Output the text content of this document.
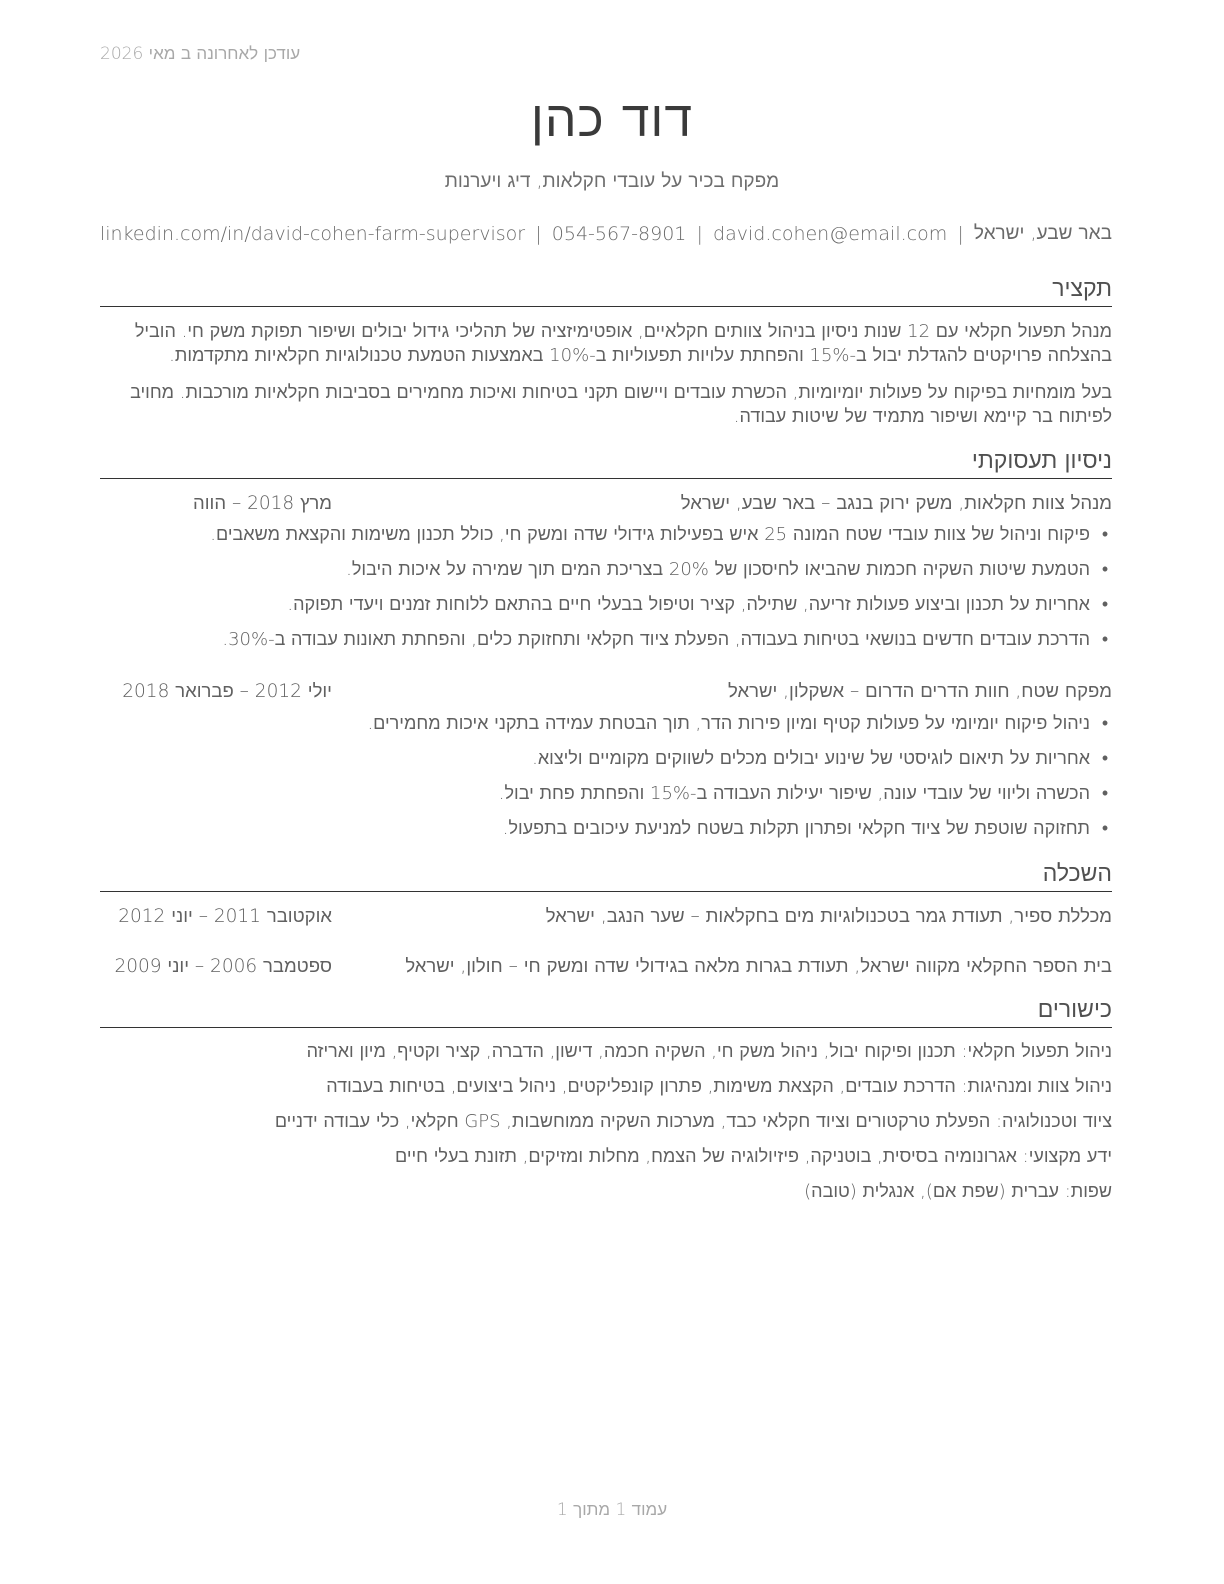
עודכן לאחרונה ב מאי 2026
דוד כהן
מפקח בכיר על עובדי חקלאות, דיג ויערנות
באר שבע, ישראל
|
david.cohen@email.com
|
054-567-8901
|
linkedin.com/in/david-cohen-farm-supervisor
תקציר

מנהל תפעול חקלאי עם 12 שנות ניסיון בניהול צוותים חקלאיים, אופטימיזציה של תהליכי גידול יבולים ושיפור תפוקת משק חי. הוביל בהצלחה פרויקטים להגדלת יבול ב-15% והפחתת עלויות תפעוליות ב-10% באמצעות הטמעת טכנולוגיות חקלאיות מתקדמות.

בעל מומחיות בפיקוח על פעולות יומיומיות, הכשרת עובדים ויישום תקני בטיחות ואיכות מחמירים בסביבות חקלאיות מורכבות. מחויב לפיתוח בר קיימא ושיפור מתמיד של שיטות עבודה.

ניסיון תעסוקתי
מנהל צוות חקלאות, משק ירוק בנגב – באר שבע, ישראל
מרץ 2018 – הווה
•פיקוח וניהול של צוות עובדי שטח המונה 25 איש בפעילות גידולי שדה ומשק חי, כולל תכנון משימות והקצאת משאבים.
•הטמעת שיטות השקיה חכמות שהביאו לחיסכון של 20% בצריכת המים תוך שמירה על איכות היבול.
•אחריות על תכנון וביצוע פעולות זריעה, שתילה, קציר וטיפול בבעלי חיים בהתאם ללוחות זמנים ויעדי תפוקה.
•הדרכת עובדים חדשים בנושאי בטיחות בעבודה, הפעלת ציוד חקלאי ותחזוקת כלים, והפחתת תאונות עבודה ב-30%.
מפקח שטח, חוות הדרים הדרום – אשקלון, ישראל
יולי 2012 – פברואר 2018
•ניהול פיקוח יומיומי על פעולות קטיף ומיון פירות הדר, תוך הבטחת עמידה בתקני איכות מחמירים.
•אחריות על תיאום לוגיסטי של שינוע יבולים מכלים לשווקים מקומיים וליצוא.
•הכשרה וליווי של עובדי עונה, שיפור יעילות העבודה ב-15% והפחתת פחת יבול.
•תחזוקה שוטפת של ציוד חקלאי ופתרון תקלות בשטח למניעת עיכובים בתפעול.
השכלה
מכללת ספיר, תעודת גמר בטכנולוגיות מים בחקלאות – שער הנגב, ישראל
אוקטובר 2011 – יוני 2012
בית הספר החקלאי מקווה ישראל, תעודת בגרות מלאה בגידולי שדה ומשק חי – חולון, ישראל
ספטמבר 2006 – יוני 2009
כישורים
ניהול תפעול חקלאי: תכנון ופיקוח יבול, ניהול משק חי, השקיה חכמה, דישון, הדברה, קציר וקטיף, מיון ואריזה
ניהול צוות ומנהיגות: הדרכת עובדים, הקצאת משימות, פתרון קונפליקטים, ניהול ביצועים, בטיחות בעבודה
ציוד וטכנולוגיה: הפעלת טרקטורים וציוד חקלאי כבד, מערכות השקיה ממוחשבות, GPS חקלאי, כלי עבודה ידניים
ידע מקצועי: אגרונומיה בסיסית, בוטניקה, פיזיולוגיה של הצמח, מחלות ומזיקים, תזונת בעלי חיים
שפות: עברית (שפת אם), אנגלית (טובה)
עמוד 1 מתוך 1
